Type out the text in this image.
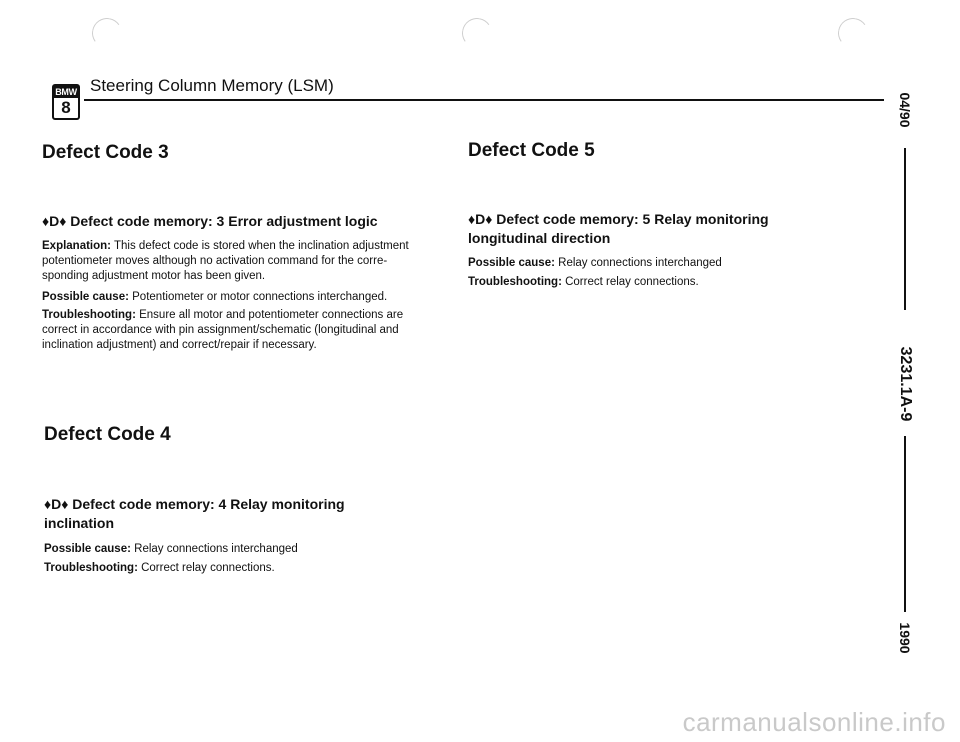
BMW
8
Steering Column Memory (LSM)
Defect Code 3
♦D♦ Defect code memory: 3 Error adjustment logic
Explanation: This defect code is stored when the inclination adjustment potentiometer moves although no activation command for the corre-sponding adjustment motor has been given.
Possible cause: Potentiometer or motor connections interchanged.
Troubleshooting: Ensure all motor and potentiometer connections are correct in accordance with pin assignment/schematic (longitudinal and inclination adjustment) and correct/repair if necessary.
Defect Code 4
♦D♦ Defect code memory: 4 Relay monitoring inclination
Possible cause: Relay connections interchanged
Troubleshooting: Correct relay connections.
Defect Code 5
♦D♦ Defect code memory: 5 Relay monitoring longitudinal direction
Possible cause: Relay connections interchanged
Troubleshooting: Correct relay connections.
04/90
3231.1A-9
1990
carmanualsonline.info
